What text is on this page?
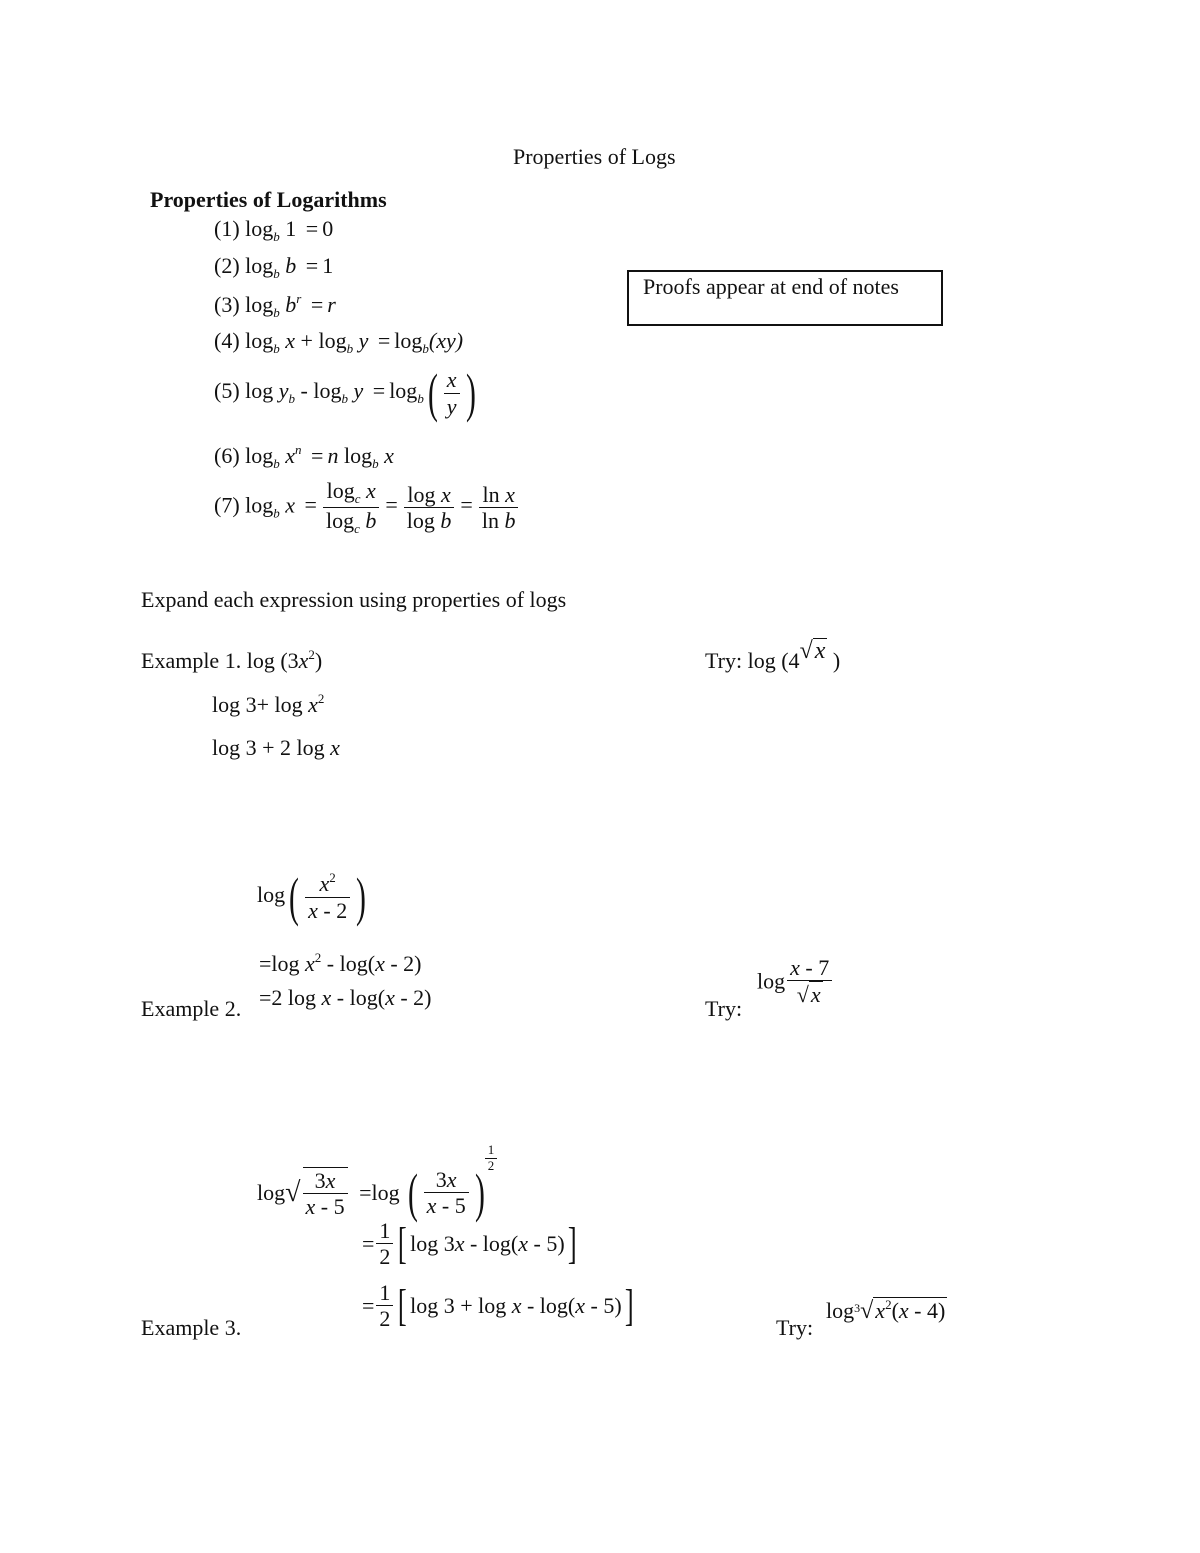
Properties of Logs
Properties of Logarithms
(1) $\log_b 1 = 0$
(2) $\log_b b = 1$
Proofs appear at end of notes
(3) $\log_b b^r = r$
(4) $\log_b x + \log_b y = \log_b(xy)$
(5) $\log y_b - \log_b y = \log_b( \frac{x}{y}$ )
(6) $\log_b x^n = n$ $\log_b x$
(7) $\log_b x = \frac{\log_c x}{\log_c b} = \frac{\text{log x}}{\text{log b}} = \frac{\text{ln x}}{\text{ln b}}$
Expand each expression using properties of logs
Example 1. $\log (3x^2)$
$\log 3+ \log x^2$
log 3 + 2 log x
Try: log (4√x )
$\log( \frac{x^2}{x - 2}$ )
=log $x^2 - \log(x - 2)$
=2 log x - log(x - 2)
Example 2.	Try:
$\log \frac{x - 7}{√x}$
$\log√ \frac{3x}{x - 5} =\log$ ( $\frac{3x}{x - 5}$ )
$\frac{1}{2}$
= $\frac{1}{2}$ [ log 3x - log(x - 5)]
= $\frac{1}{2}$ [ log 3 + log x - log(x - 5)]
Example 3.	Try:
$\log^3√x^2(x - 4)$
